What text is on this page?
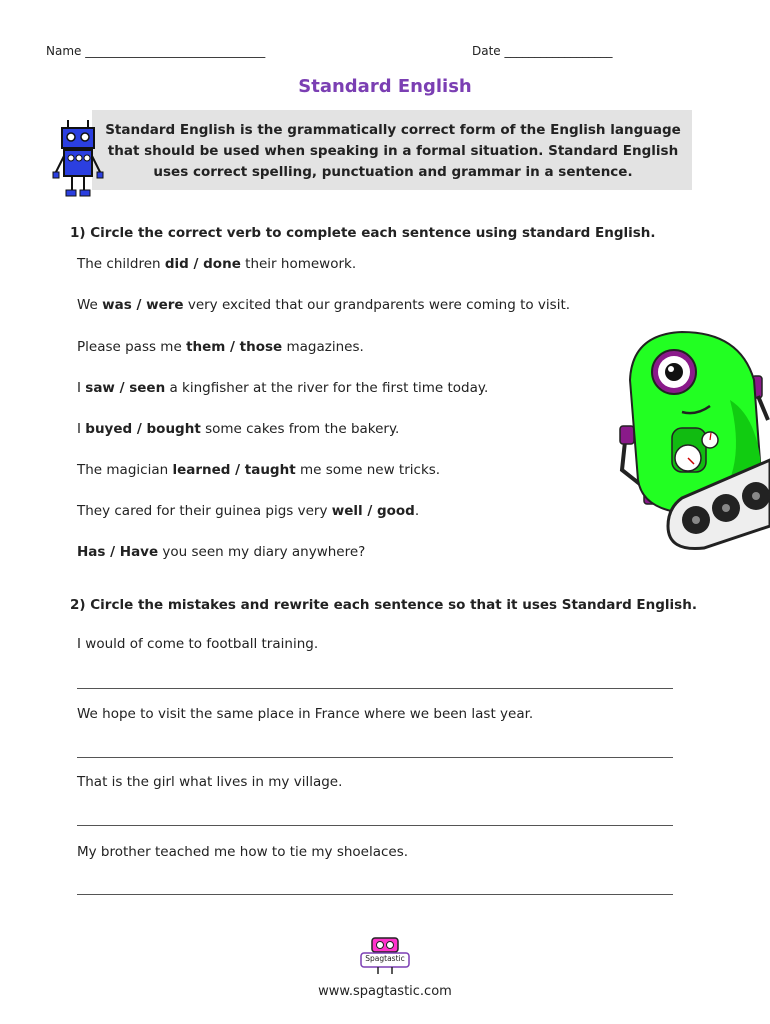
Name ______________________________	Date __________________
Standard English
Standard English is the grammatically correct form of the English language that should be used when speaking in a formal situation. Standard English uses correct spelling, punctuation and grammar in a sentence.
1) Circle the correct verb to complete each sentence using standard English.
The children did / done their homework.
We was / were very excited that our grandparents were coming to visit.
Please pass me them / those magazines.
I saw / seen a kingfisher at the river for the first time today.
I buyed / bought some cakes from the bakery.
The magician learned / taught me some new tricks.
They cared for their guinea pigs very well / good.
Has / Have you seen my diary anywhere?
2) Circle the mistakes and rewrite each sentence so that it uses Standard English.
I would of come to football training.
We hope to visit the same place in France where we been last year.
That is the girl what lives in my village.
My brother teached me how to tie my shoelaces.
Spagtastic
www.spagtastic.com
